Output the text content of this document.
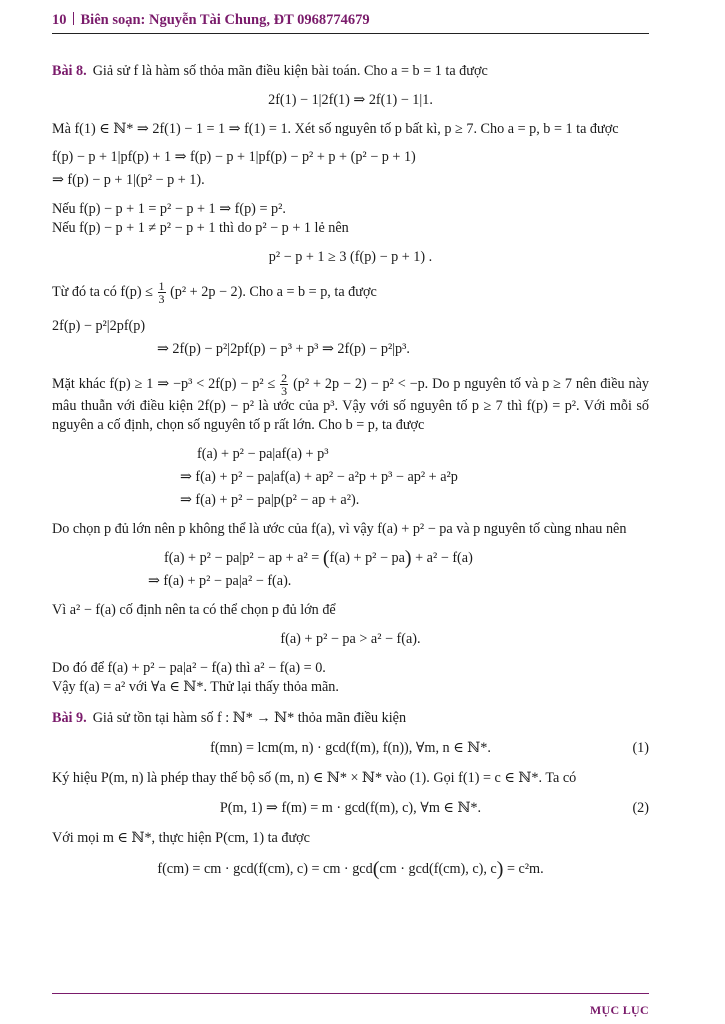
10 Biên soạn: Nguyễn Tài Chung, ĐT 0968774679

Bài 8. Giả sử f là hàm số thỏa mãn điều kiện bài toán. Cho a = b = 1 ta được

2f(1) − 1|2f(1) ⇒ 2f(1) − 1|1.

Mà f(1) ∈ ℕ* ⇒ 2f(1) − 1 = 1 ⇒ f(1) = 1. Xét số nguyên tố p bất kì, p ≥ 7. Cho a = p, b = 1 ta được

f(p) − p + 1|pf(p) + 1 ⇒ f(p) − p + 1|pf(p) − p² + p + (p² − p + 1)

⇒ f(p) − p + 1|(p² − p + 1).

Nếu f(p) − p + 1 = p² − p + 1 ⇒ f(p) = p².

Nếu f(p) − p + 1 ≠ p² − p + 1 thì do p² − p + 1 lẻ nên

p² − p + 1 ≥ 3 (f(p) − p + 1) .

Từ đó ta có $f(p) \le \frac{1}{3} (p^2 + 2p - 2)$. Cho a = b = p, ta được

2f(p) − p²|2pf(p)

⇒ 2f(p) − p²|2pf(p) − p³ + p³ ⇒ 2f(p) − p²|p³.

Mặt khác f(p) ≥ 1 ⇒ $-p^3 < 2f(p) - p^2 \le \frac{2}{3} (p^2 + 2p - 2) - p^2 < -p$. Do p nguyên tố và p ≥ 7 nên điều này mâu thuẫn với điều kiện 2f(p) − p² là ước của p³. Vậy với số nguyên tố p ≥ 7 thì f(p) = p². Với mỗi số nguyên a cố định, chọn số nguyên tố p rất lớn. Cho b = p, ta được

f(a) + p² − pa|af(a) + p³

⇒ f(a) + p² − pa|af(a) + ap² − a²p + p³ − ap² + a²p

⇒ f(a) + p² − pa|p(p² − ap + a²).

Do chọn p đủ lớn nên p không thể là ước của f(a), vì vậy f(a) + p² − pa và p nguyên tố cùng nhau nên

f(a) + p² − pa|p² − ap + a² = (f(a) + p² − pa) + a² − f(a)

⇒ f(a) + p² − pa|a² − f(a).

Vì a² − f(a) cố định nên ta có thể chọn p đủ lớn để

f(a) + p² − pa > a² − f(a).

Do đó để f(a) + p² − pa|a² − f(a) thì a² − f(a) = 0.

Vậy f(a) = a² với ∀a ∈ ℕ*. Thử lại thấy thỏa mãn.

Bài 9. Giả sử tồn tại hàm số f : ℕ* → ℕ* thỏa mãn điều kiện

f(mn) = lcm(m, n) · gcd(f(m), f(n)), ∀m, n ∈ ℕ*.	(1)

Ký hiệu P(m, n) là phép thay thế bộ số (m, n) ∈ ℕ* × ℕ* vào (1). Gọi f(1) = c ∈ ℕ*. Ta có

P(m, 1) ⇒ f(m) = m · gcd(f(m), c), ∀m ∈ ℕ*.	(2)

Với mọi m ∈ ℕ*, thực hiện P(cm, 1) ta được

f(cm) = cm · gcd(f(cm), c) = cm · gcd(cm · gcd(f(cm), c), c) = c²m.

MỤC LỤC
